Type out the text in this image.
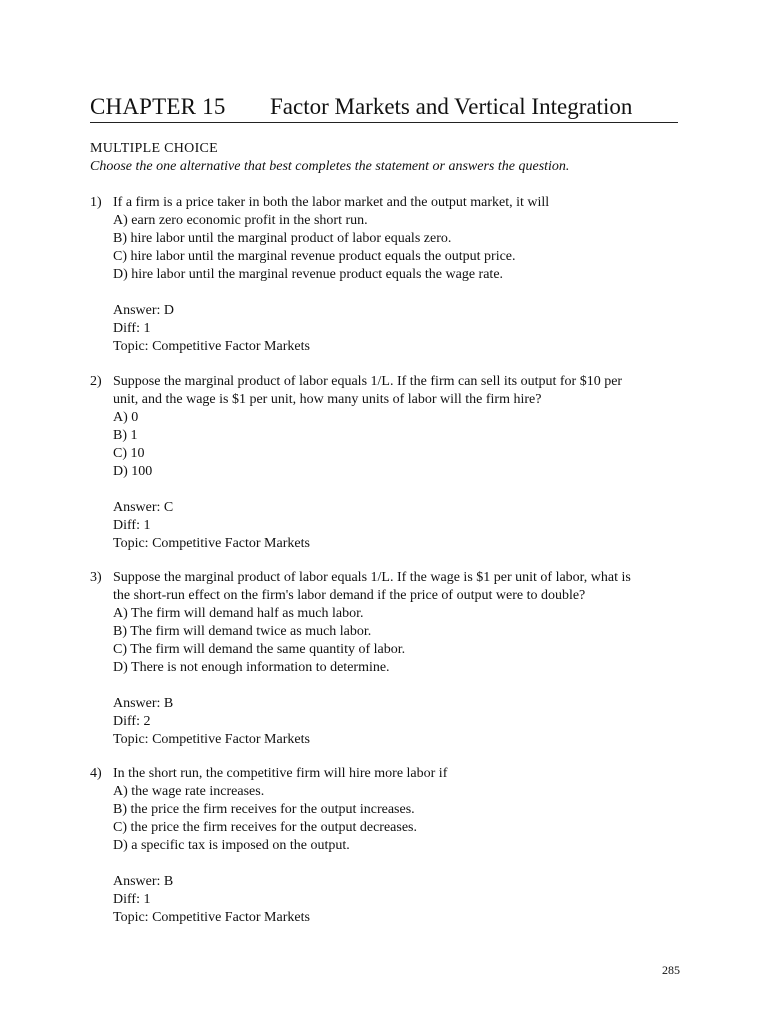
CHAPTER 15 Factor Markets and Vertical Integration
MULTIPLE CHOICE
Choose the one alternative that best completes the statement or answers the question.
1) If a firm is a price taker in both the labor market and the output market, it will
A) earn zero economic profit in the short run.
B) hire labor until the marginal product of labor equals zero.
C) hire labor until the marginal revenue product equals the output price.
D) hire labor until the marginal revenue product equals the wage rate.
Answer: D
Diff: 1
Topic: Competitive Factor Markets
2) Suppose the marginal product of labor equals 1/L. If the firm can sell its output for $10 per
unit, and the wage is $1 per unit, how many units of labor will the firm hire?
A) 0
B) 1
C) 10
D) 100
Answer: C
Diff: 1
Topic: Competitive Factor Markets
3) Suppose the marginal product of labor equals 1/L. If the wage is $1 per unit of labor, what is
the short-run effect on the firm's labor demand if the price of output were to double?
A) The firm will demand half as much labor.
B) The firm will demand twice as much labor.
C) The firm will demand the same quantity of labor.
D) There is not enough information to determine.
Answer: B
Diff: 2
Topic: Competitive Factor Markets
4) In the short run, the competitive firm will hire more labor if
A) the wage rate increases.
B) the price the firm receives for the output increases.
C) the price the firm receives for the output decreases.
D) a specific tax is imposed on the output.
Answer: B
Diff: 1
Topic: Competitive Factor Markets
285
